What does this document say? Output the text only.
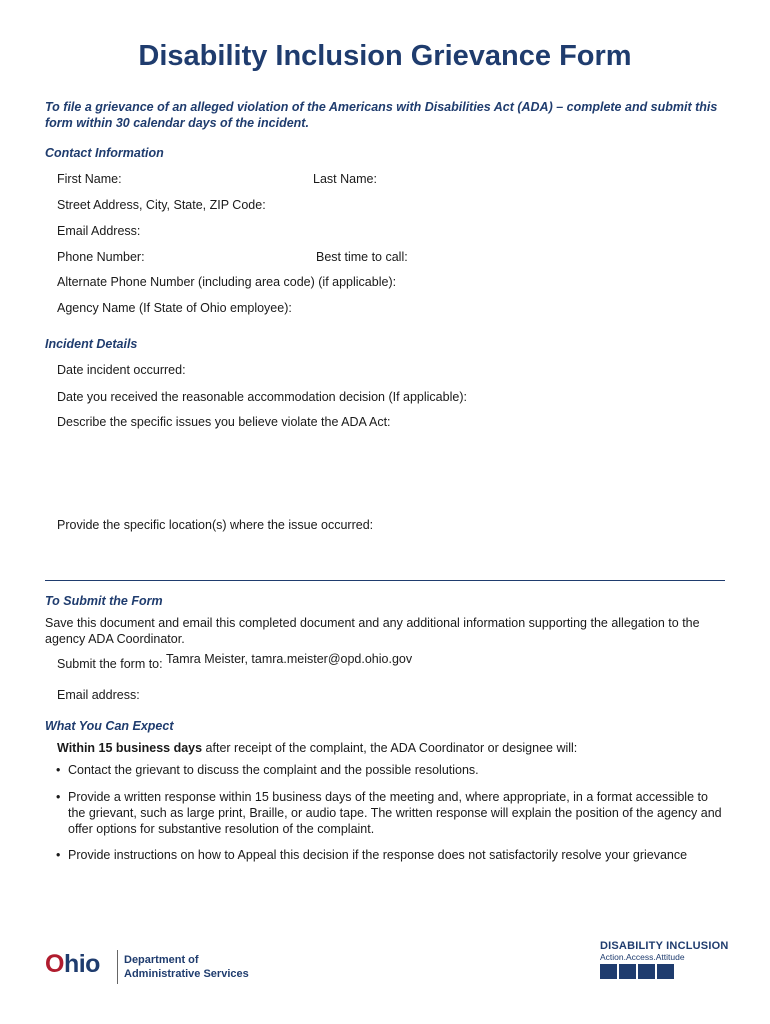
Disability Inclusion Grievance Form
To file a grievance of an alleged violation of the Americans with Disabilities Act (ADA) – complete and submit this form within 30 calendar days of the incident.
Contact Information
First Name:	Last Name:
Street Address, City, State, ZIP Code:
Email Address:
Phone Number:	Best time to call:
Alternate Phone Number (including area code) (if applicable):
Agency Name (If State of Ohio employee):
Incident Details
Date incident occurred:
Date you received the reasonable accommodation decision (If applicable):
Describe the specific issues you believe violate the ADA Act:
Provide the specific location(s) where the issue occurred:
To Submit the Form
Save this document and email this completed document and any additional information supporting the allegation to the agency ADA Coordinator.
Submit the form to: Tamra Meister, tamra.meister@opd.ohio.gov
Email address:
What You Can Expect
Within 15 business days after receipt of the complaint, the ADA Coordinator or designee will:
• Contact the grievant to discuss the complaint and the possible resolutions.
• Provide a written response within 15 business days of the meeting and, where appropriate, in a format accessible to the grievant, such as large print, Braille, or audio tape. The written response will explain the position of the agency and offer options for substantive resolution of the complaint.
• Provide instructions on how to Appeal this decision if the response does not satisfactorily resolve your grievance
O hio Department of
Administrative Services
DISABILITY INCLUSION
Action.Access.Attitude
